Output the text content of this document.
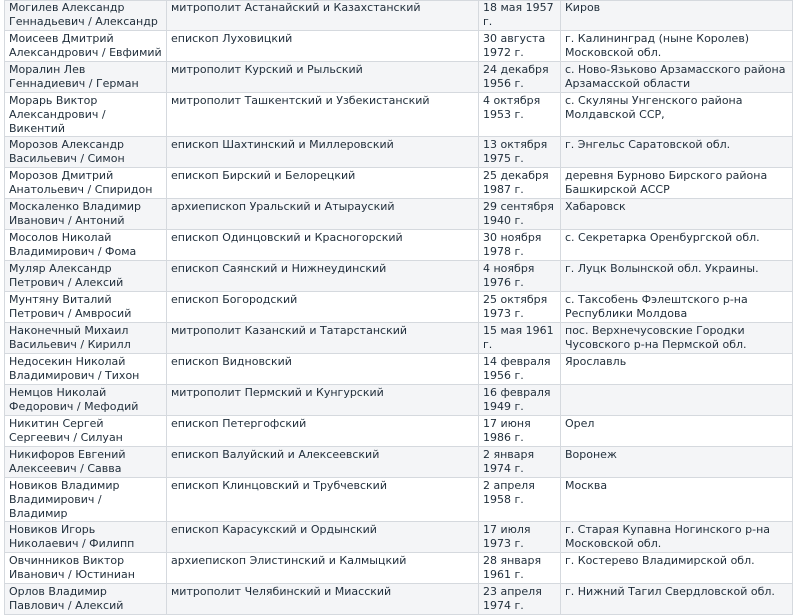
Могилев Александр Геннадьевич / Александр	митрополит Астанайский и Казахстанский	18 мая 1957 г.	Киров
Моисеев Дмитрий Александрович / Евфимий	епископ Луховицкий	30 августа 1972 г.	г. Калининград (ныне Королев) Московской обл.
Моралин Лев Геннадиевич / Герман	митрополит Курский и Рыльский	24 декабря 1956 г.	с. Ново-Язьково Арзамасского района Арзамасской области
Морарь Виктор Александрович / Викентий	митрополит Ташкентский и Узбекистанский	4 октября 1953 г.	с. Скуляны Унгенского района Молдавской ССР,
Морозов Александр Васильевич / Симон	епископ Шахтинский и Миллеровский	13 октября 1975 г.	г. Энгельс Саратовской обл.
Морозов Дмитрий Анатольевич / Спиридон	епископ Бирский и Белорецкий	25 декабря 1987 г.	деревня Бурново Бирского района Башкирской АССР
Москаленко Владимир Иванович / Антоний	архиепископ Уральский и Атырауский	29 сентября 1940 г.	Хабаровск
Мосолов Николай Владимирович / Фома	епископ Одинцовский и Красногорский	30 ноября 1978 г.	с. Секретарка Оренбургской обл.
Муляр Александр Петрович / Алексий	епископ Саянский и Нижнеудинский	4 ноября 1976 г.	г. Луцк Волынской обл. Украины.
Мунтяну Виталий Петрович / Амвросий	епископ Богородский	25 октября 1973 г.	с. Таксобень Фэлештского р-на Республики Молдова
Наконечный Михаил Васильевич / Кирилл	митрополит Казанский и Татарстанский	15 мая 1961 г.	пос. Верхнечусовские Городки Чусовского р-на Пермской обл.
Недосекин Николай Владимирович / Тихон	епископ Видновский	14 февраля 1956 г.	Ярославль
Немцов Николай Федорович / Мефодий	митрополит Пермский и Кунгурский	16 февраля 1949 г.	
Никитин Сергей Сергеевич / Силуан	епископ Петергофский	17 июня 1986 г.	Орел
Никифоров Евгений Алексеевич / Савва	епископ Валуйский и Алексеевский	2 января 1974 г.	Воронеж
Новиков Владимир Владимирович / Владимир	епископ Клинцовский и Трубчевский	2 апреля 1958 г.	Москва
Новиков Игорь Николаевич / Филипп	епископ Карасукский и Ордынский	17 июля 1973 г.	г. Старая Купавна Ногинского р-на Московской обл.
Овчинников Виктор Иванович / Юстиниан	архиепископ Элистинский и Калмыцкий	28 января 1961 г.	г. Костерево Владимирской обл.
Орлов Владимир Павлович / Алексий	митрополит Челябинский и Миасский	23 апреля 1974 г.	г. Нижний Тагил Свердловской обл.
